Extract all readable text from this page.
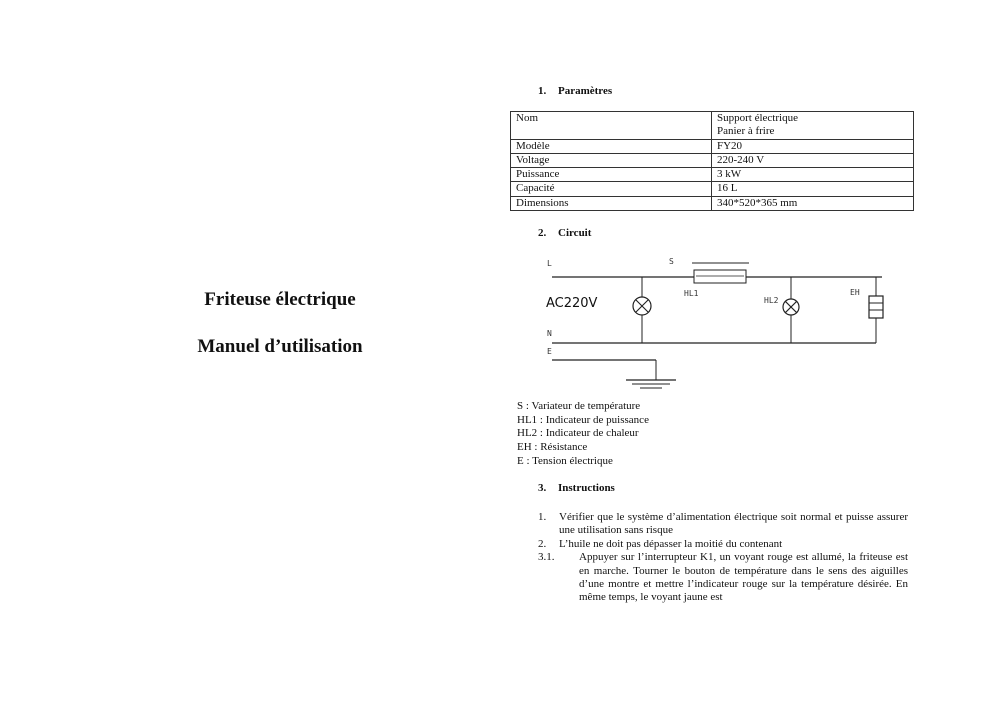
Friteuse électrique
Manuel d’utilisation
1. Paramètres
Nom	Support électrique
Panier à frire

Modèle	FY20
Voltage	220-240 V
Puissance	3 kW
Capacité	16 L
Dimensions	340*520*365 mm
2. Circuit
L	S
HL1
HL2
EH
N
E
AC220V
S : Variateur de température
HL1 : Indicateur de puissance
HL2 : Indicateur de chaleur
EH : Résistance
E : Tension électrique
3. Instructions
1. Vérifier que le système d’alimentation électrique soit normal et puisse assurer une utilisation sans risque
2. L’huile ne doit pas dépasser la moitié du contenant
3.1. Appuyer sur l’interrupteur K1, un voyant rouge est allumé, la friteuse est en marche. Tourner le bouton de température dans le sens des aiguilles d’une montre et mettre l’indicateur rouge sur la température désirée. En même temps, le voyant jaune est
